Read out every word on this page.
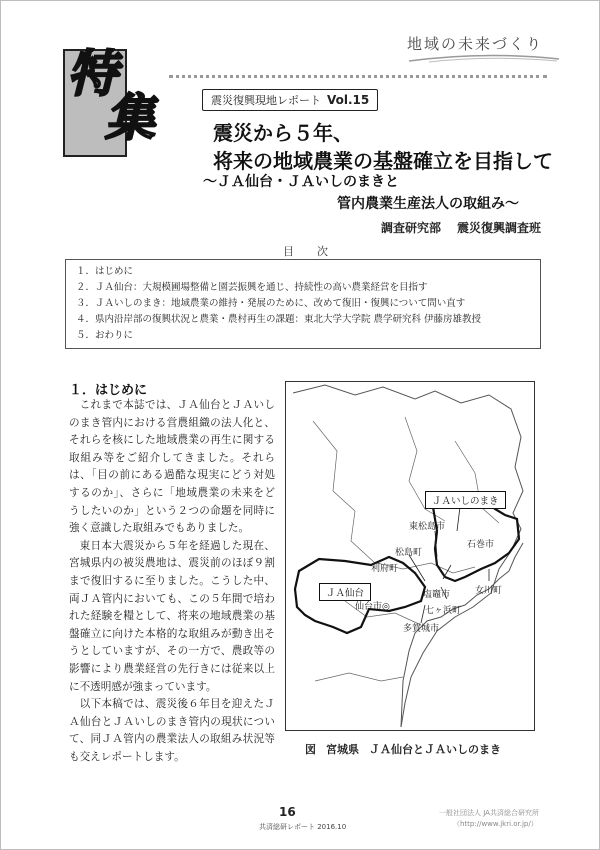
地域の未来づくり
特
集	震災復興現地レポート Vol.15
震災から５年、
将来の地域農業の基盤確立を目指して
～ＪＡ仙台・ＪＡいしのまきと
管内農業生産法人の取組み～
調査研究部 震災復興調査班
目　次
１．はじめに
２．ＪＡ仙台：大規模圃場整備と園芸振興を通じ、持続性の高い農業経営を目指す
３．ＪＡいしのまき：地域農業の維持・発展のために、改めて復旧・復興について問い直す
４．県内沿岸部の復興状況と農業・農村再生の課題：東北大学大学院 農学研究科 伊藤房雄教授
５．おわりに
１．はじめに

これまで本誌では、ＪＡ仙台とＪＡいしのまき管内における営農組織の法人化と、それらを核にした地域農業の再生に関する取組み等をご紹介してきました。それらは、「目の前にある過酷な現実にどう対処するのか」、さらに「地域農業の未来をどうしたいのか」という２つの命題を同時に強く意識した取組みでもありました。

東日本大震災から５年を経過した現在、宮城県内の被災農地は、震災前のほぼ９割まで復旧するに至りました。こうした中、両ＪＡ管内においても、この５年間で培われた経験を糧として、将来の地域農業の基盤確立に向けた本格的な取組みが動き出そうとしていますが、その一方で、農政等の影響により農業経営の先行きには従来以上に不透明感が強まっています。

以下本稿では、震災後６年目を迎えたＪＡ仙台とＪＡいしのまき管内の現状について、同ＪＡ管内の農業法人の取組み状況等も交えレポートします。

ＪＡいしのまき
ＪＡ仙台
東松島市
石巻市
松島町
利府町
塩竈市	女川町
七ヶ浜町
仙台市◎
多賀城市
図 宮城県 ＪＡ仙台とＪＡいしのまき
16
共済総研レポート 2016.10
一般社団法人 JA共済総合研究所
（http://www.jkri.or.jp/）
